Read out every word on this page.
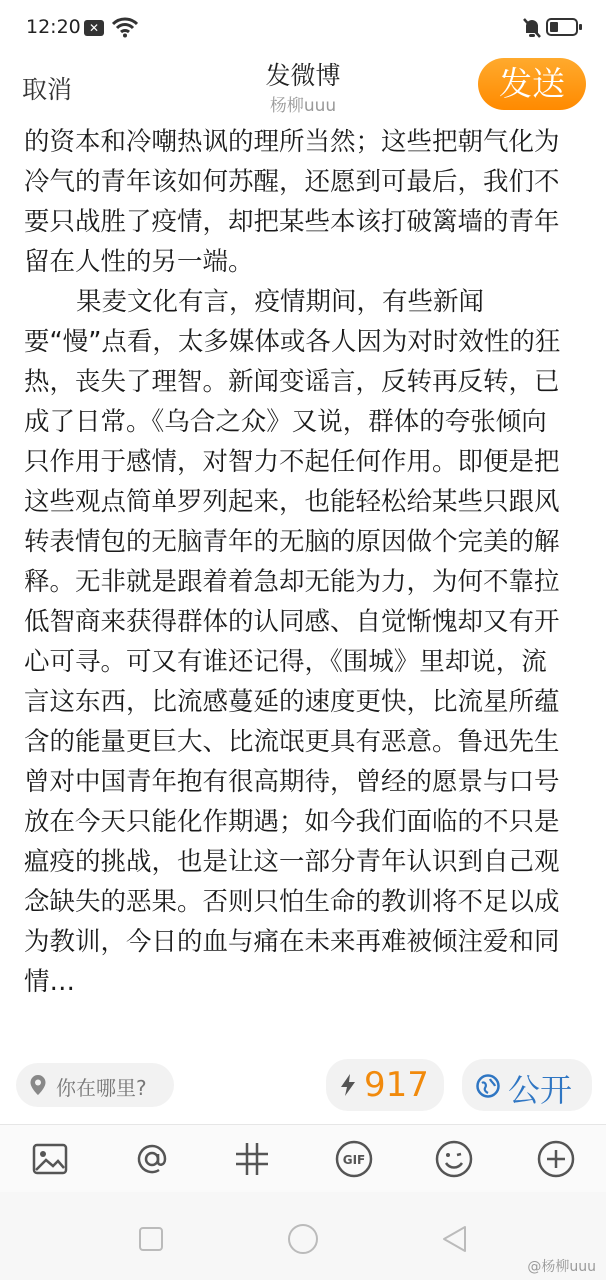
12:20 ✕
取消	发微博
杨柳uuu
发送

的资本和冷嘲热讽的理所当然；这些把朝气化为冷气的青年该如何苏醒，还愿到可最后，我们不要只战胜了疫情，却把某些本该打破篱墙的青年留在人性的另一端。

果麦文化有言，疫情期间，有些新闻要“慢”点看，太多媒体或各人因为对时效性的狂热，丧失了理智。新闻变谣言，反转再反转，已成了日常。《乌合之众》又说，群体的夸张倾向只作用于感情，对智力不起任何作用。即便是把这些观点简单罗列起来，也能轻松给某些只跟风转表情包的无脑青年的无脑的原因做个完美的解释。无非就是跟着着急却无能为力，为何不靠拉低智商来获得群体的认同感、自觉惭愧却又有开心可寻。可又有谁还记得，《围城》里却说，流言这东西，比流感蔓延的速度更快，比流星所蕴含的能量更巨大、比流氓更具有恶意。鲁迅先生曾对中国青年抱有很高期待，曾经的愿景与口号放在今天只能化作期遇；如今我们面临的不只是瘟疫的挑战，也是让这一部分青年认识到自己观念缺失的恶果。否则只怕生命的教训将不足以成为教训，今日的血与痛在未来再难被倾注爱和同情…

你在哪里?	917 公开
GIF
@杨柳uuu
